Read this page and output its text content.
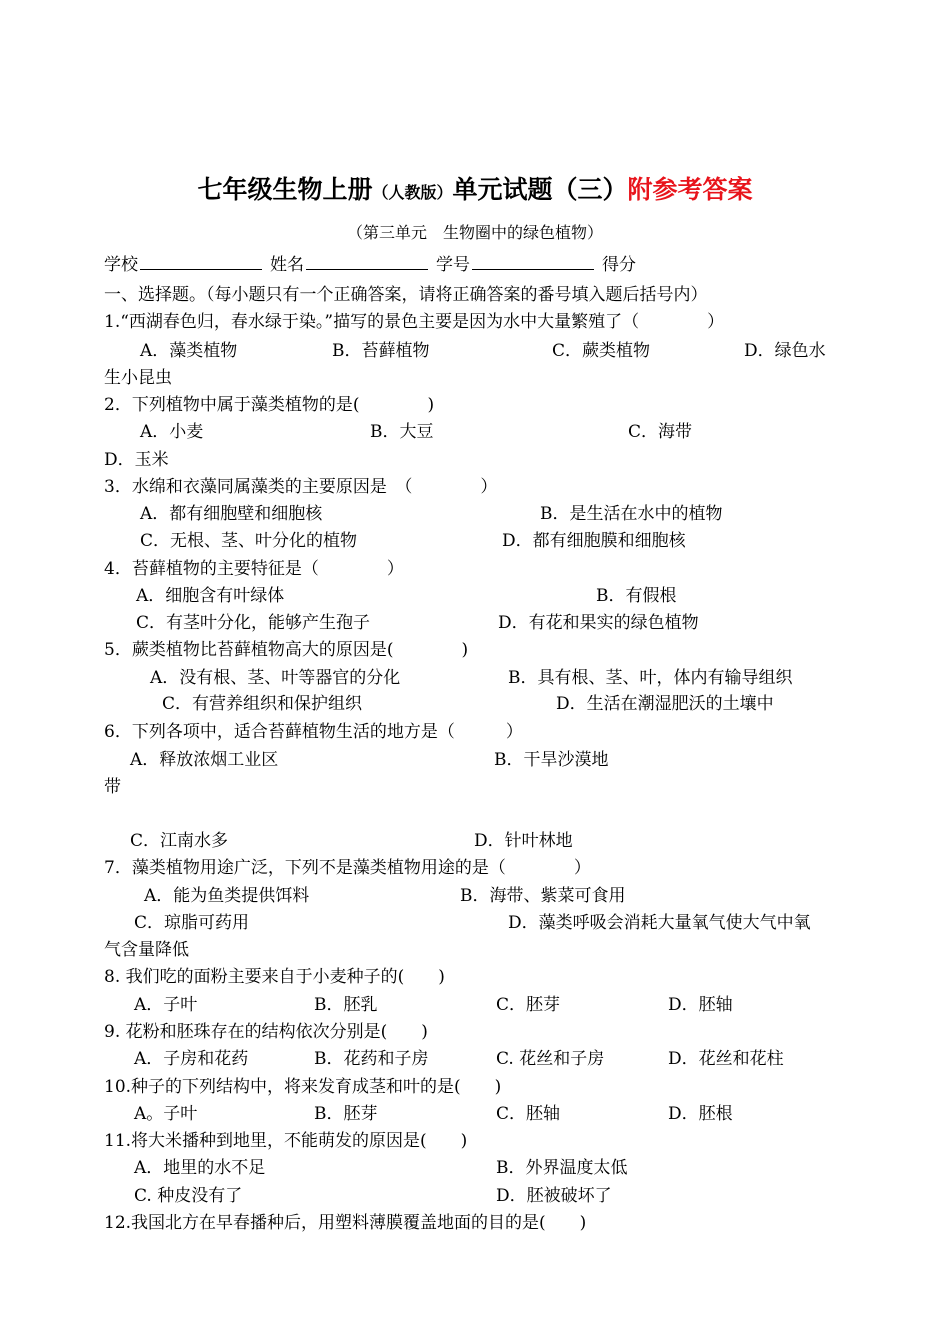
七年级生物上册（人教版）单元试题（三）附参考答案
（第三单元　生物圈中的绿色植物）
学校	姓名	学号	得分
一、选择题。（每小题只有一个正确答案，请将正确答案的番号填入题后括号内）
1.“西湖春色归，春水绿于染。”描写的景色主要是因为水中大量繁殖了（　　　　）
A．藻类植物	B．苔藓植物	C．蕨类植物	D．绿色水
生小昆虫
2．下列植物中属于藻类植物的是(　　　　)
A．小麦	B．大豆	C．海带
D．玉米
3．水绵和衣藻同属藻类的主要原因是　（　　　　）
A．都有细胞壁和细胞核	B．是生活在水中的植物
C．无根、茎、叶分化的植物	D．都有细胞膜和细胞核
4．苔藓植物的主要特征是（　　　　）
A．细胞含有叶绿体	B．有假根
C．有茎叶分化，能够产生孢子	D．有花和果实的绿色植物
5．蕨类植物比苔藓植物高大的原因是(　　　　)
A．没有根、茎、叶等器官的分化	B．具有根、茎、叶，体内有输导组织
C．有营养组织和保护组织	D．生活在潮湿肥沃的土壤中
6．下列各项中，适合苔藓植物生活的地方是（　　　）
A．释放浓烟工业区	B．干旱沙漠地
带
C．江南水多	D．针叶林地
7．藻类植物用途广泛，下列不是藻类植物用途的是（　　　　）
A．能为鱼类提供饵料	B．海带、紫菜可食用
C．琼脂可药用	D．藻类呼吸会消耗大量氧气使大气中氧
气含量降低
8. 我们吃的面粉主要来自于小麦种子的(　　)
A．子叶	B．胚乳	C．胚芽	D．胚轴
9. 花粉和胚珠存在的结构依次分别是(　　)
A．子房和花药	B．花药和子房	C. 花丝和子房	D．花丝和花柱
10.种子的下列结构中，将来发育成茎和叶的是(　　)
A。子叶	B．胚芽	C．胚轴	D．胚根
11.将大米播种到地里，不能萌发的原因是(　　)
A．地里的水不足	B．外界温度太低
C. 种皮没有了	D．胚被破坏了
12.我国北方在早春播种后，用塑料薄膜覆盖地面的目的是(　　)
